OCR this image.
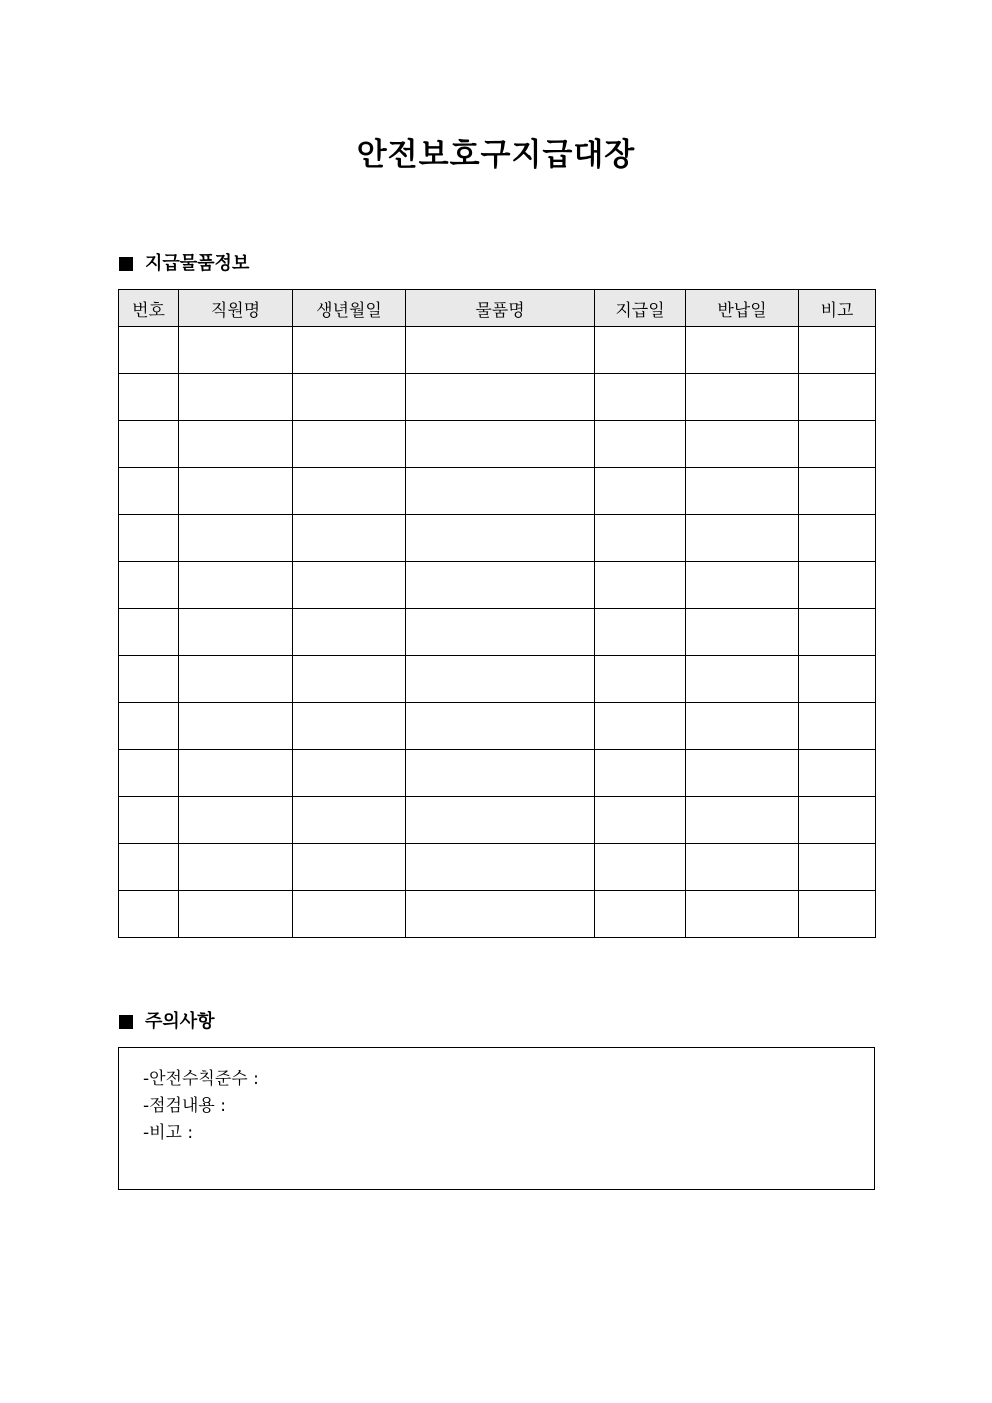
안전보호구지급대장
지급물품정보
번호	직원명	생년월일	물품명	지급일	반납일	비고

주의사항
-안전수칙준수 :
-점검내용 :
-비고 :
